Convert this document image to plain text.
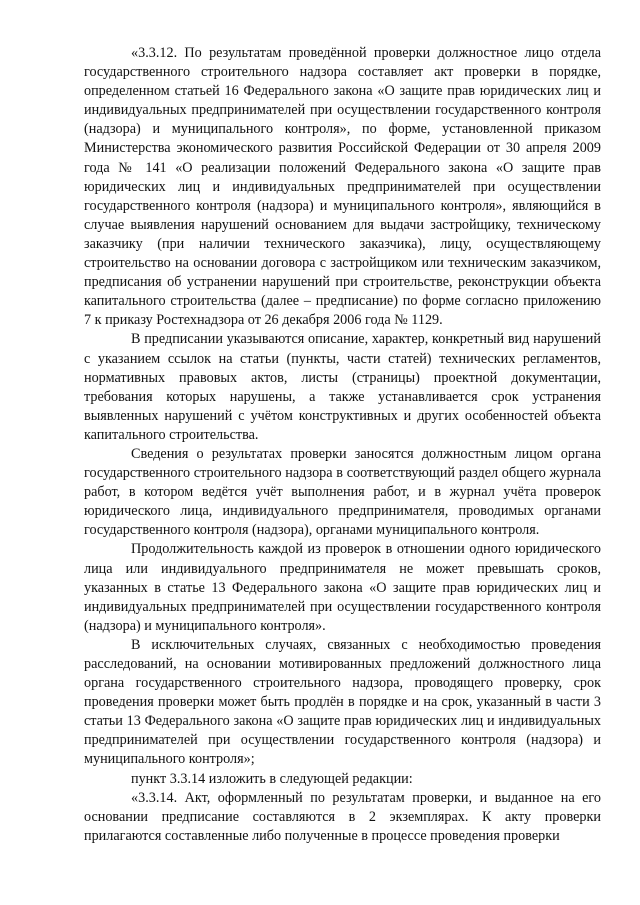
«3.3.12. По результатам проведённой проверки должностное лицо отдела государственного строительного надзора составляет акт проверки в порядке, определенном статьей 16 Федерального закона «О защите прав юридических лиц и индивидуальных предпринимателей при осуществлении государственного контроля (надзора) и муниципального контроля», по форме, установленной приказом Министерства экономического развития Российской Федерации от 30 апреля 2009 года № 141 «О реализации положений Федерального закона «О защите прав юридических лиц и индивидуальных предпринимателей при осуществлении государственного контроля (надзора) и муниципального контроля», являющийся в случае выявления нарушений основанием для выдачи застройщику, техническому заказчику (при наличии технического заказчика), лицу, осуществляющему строительство на основании договора с застройщиком или техническим заказчиком, предписания об устранении нарушений при строительстве, реконструкции объекта капитального строительства (далее – предписание) по форме согласно приложению 7 к приказу Ростехнадзора от 26 декабря 2006 года № 1129.

В предписании указываются описание, характер, конкретный вид нарушений с указанием ссылок на статьи (пункты, части статей) технических регламентов, нормативных правовых актов, листы (страницы) проектной документации, требования которых нарушены, а также устанавливается срок устранения выявленных нарушений с учётом конструктивных и других особенностей объекта капитального строительства.

Сведения о результатах проверки заносятся должностным лицом органа государственного строительного надзора в соответствующий раздел общего журнала работ, в котором ведётся учёт выполнения работ, и в журнал учёта проверок юридического лица, индивидуального предпринимателя, проводимых органами государственного контроля (надзора), органами муниципального контроля.

Продолжительность каждой из проверок в отношении одного юридического лица или индивидуального предпринимателя не может превышать сроков, указанных в статье 13 Федерального закона «О защите прав юридических лиц и индивидуальных предпринимателей при осуществлении государственного контроля (надзора) и муниципального контроля».

В исключительных случаях, связанных с необходимостью проведения расследований, на основании мотивированных предложений должностного лица органа государственного строительного надзора, проводящего проверку, срок проведения проверки может быть продлён в порядке и на срок, указанный в части 3 статьи 13 Федерального закона «О защите прав юридических лиц и индивидуальных предпринимателей при осуществлении государственного контроля (надзора) и муниципального контроля»;

пункт 3.3.14 изложить в следующей редакции:

«3.3.14. Акт, оформленный по результатам проверки, и выданное на его основании предписание составляются в 2 экземплярах. К акту проверки прилагаются составленные либо полученные в процессе проведения проверки
